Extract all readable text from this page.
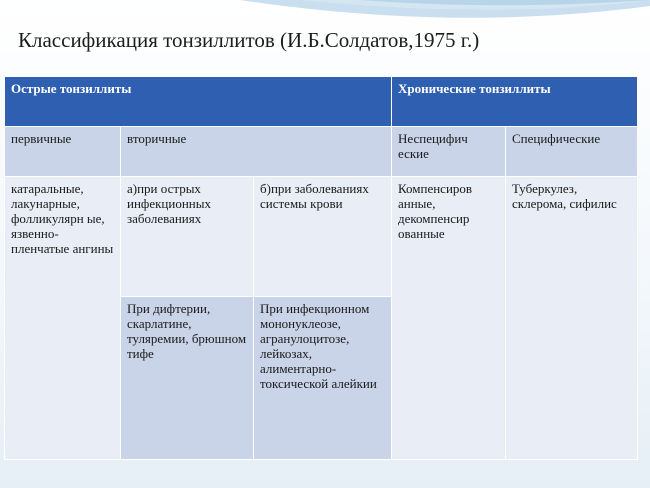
Классификация тонзиллитов (И.Б.Солдатов,1975 г.)
Острые тонзиллиты			Хронические тонзиллиты	
первичные	вторичные		Неспецифич еские	Специфические
катаральные, лакунарные, фолликулярн ые, язвенно-пленчатые ангины	а)при острых инфекционных заболеваниях	б)при заболеваниях системы крови	Компенсиров анные, декомпенсир ованные	Туберкулез, склерома, сифилис
	При дифтерии, скарлатине, туляремии, брюшном тифе	При инфекционном мононуклеозе, агранулоцитозе, лейкозах, алиментарно-токсической алейкии		
